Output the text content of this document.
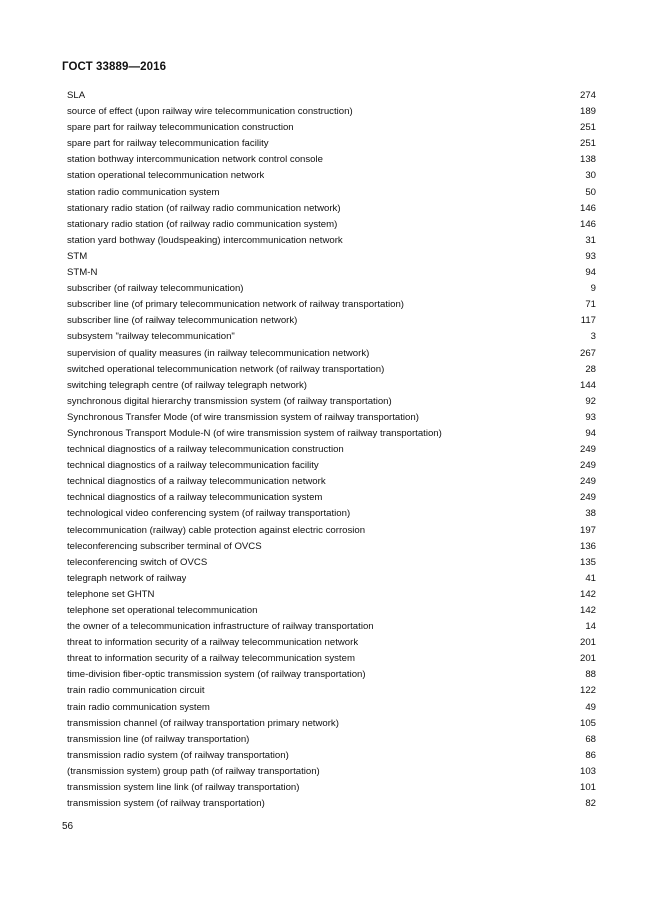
ГОСТ 33889—2016
SLA	274
source of effect (upon railway wire telecommunication construction)	189
spare part for railway telecommunication construction	251
spare part for railway telecommunication facility	251
station bothway intercommunication network control console	138
station operational telecommunication network	30
station radio communication system	50
stationary radio station (of railway radio communication network)	146
stationary radio station (of railway radio communication system)	146
station yard bothway (loudspeaking) intercommunication network	31
STM	93
STM-N	94
subscriber (of railway telecommunication)	9
subscriber line (of primary telecommunication network of railway transportation)	71
subscriber line (of railway telecommunication network)	117
subsystem "railway telecommunication"	3
supervision of quality measures (in railway telecommunication network)	267
switched operational telecommunication network (of railway transportation)	28
switching telegraph centre (of railway telegraph network)	144
synchronous digital hierarchy transmission system (of railway transportation)	92
Synchronous Transfer Mode (of wire transmission system of railway transportation)	93
Synchronous Transport Module-N (of wire transmission system of railway transportation)	94
technical diagnostics of a railway telecommunication construction	249
technical diagnostics of a railway telecommunication facility	249
technical diagnostics of a railway telecommunication network	249
technical diagnostics of a railway telecommunication system	249
technological video conferencing system (of railway transportation)	38
telecommunication (railway) cable protection against electric corrosion	197
teleconferencing subscriber terminal of OVCS	136
teleconferencing switch of OVCS	135
telegraph network of railway	41
telephone set GHTN	142
telephone set operational telecommunication	142
the owner of a telecommunication infrastructure of railway transportation	14
threat to information security of a railway telecommunication network	201
threat to information security of a railway telecommunication system	201
time-division fiber-optic transmission system (of railway transportation)	88
train radio communication circuit	122
train radio communication system	49
transmission channel (of railway transportation primary network)	105
transmission line (of railway transportation)	68
transmission radio system (of railway transportation)	86
(transmission system) group path (of railway transportation)	103
transmission system line link (of railway transportation)	101
transmission system (of railway transportation)	82
56
